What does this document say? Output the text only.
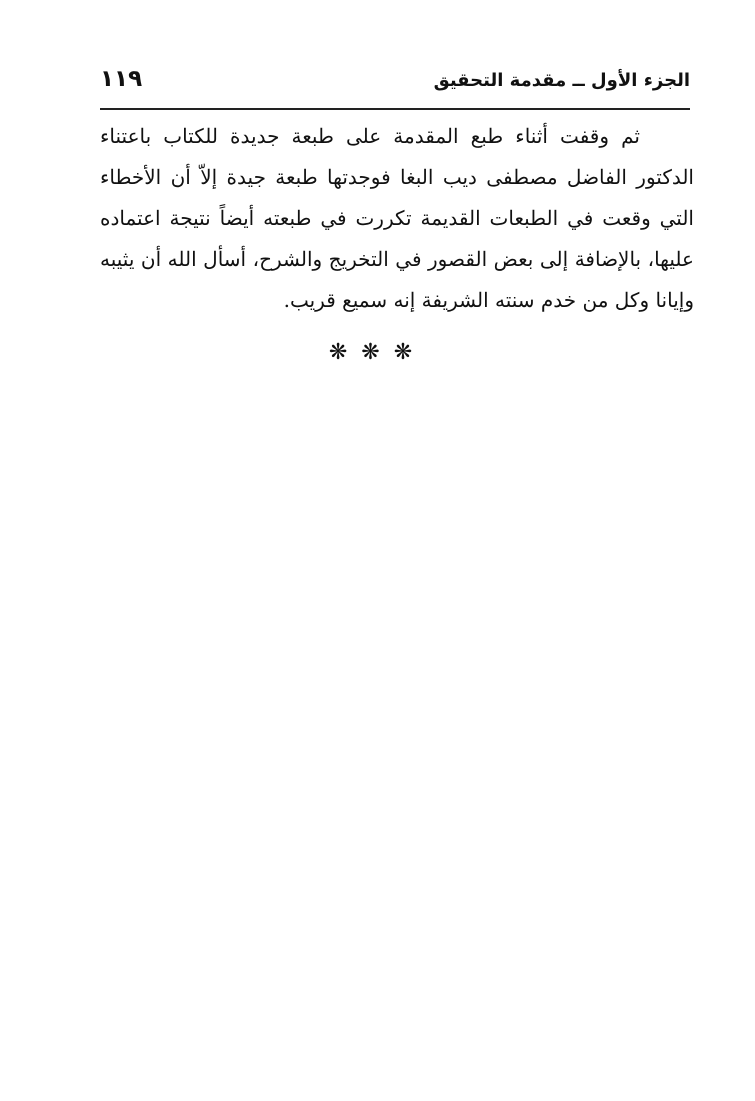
الجزء الأول ــ مقدمة التحقيق
١١٩
ثم وقفت أثناء طبع المقدمة على طبعة جديدة للكتاب باعتناء
الدكتور الفاضل مصطفى ديب البغا فوجدتها طبعة جيدة إلاّ أن الأخطاء
التي وقعت في الطبعات القديمة تكررت في طبعته أيضاً نتيجة اعتماده
عليها، بالإضافة إلى بعض القصور في التخريج والشرح، أسأل الله أن يثيبه
وإيانا وكل من خدم سنته الشريفة إنه سميع قريب.
❋❋❋
